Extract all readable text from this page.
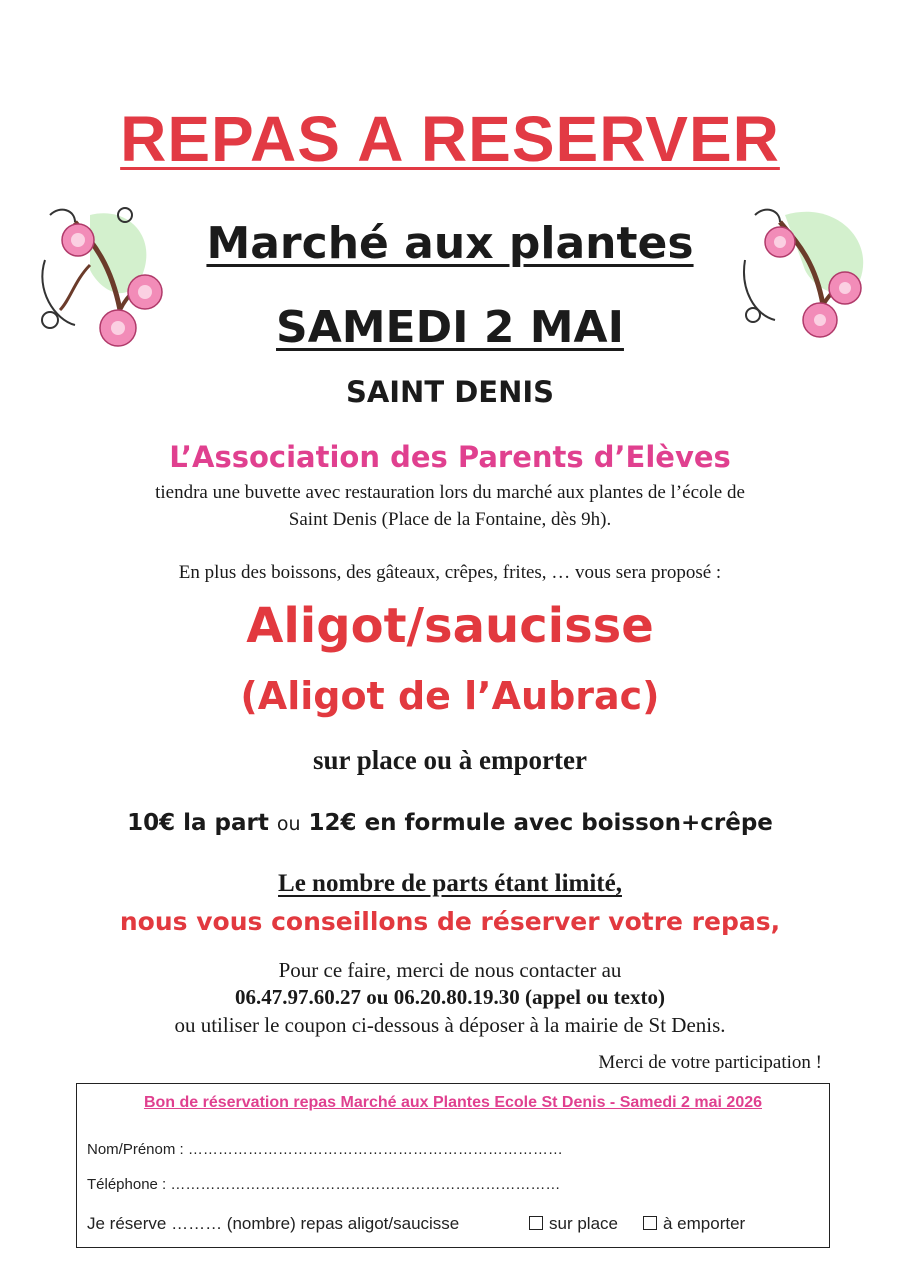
REPAS A RESERVER
Marché aux plantes
SAMEDI 2 MAI
SAINT DENIS
L’Association des Parents d’Elèves
tiendra une buvette avec restauration lors du marché aux plantes de l’école de
Saint Denis (Place de la Fontaine, dès 9h).
En plus des boissons, des gâteaux, crêpes, frites, … vous sera proposé :
Aligot/saucisse
(Aligot de l’Aubrac)
sur place ou à emporter
10€ la part ou 12€ en formule avec boisson+crêpe
Le nombre de parts étant limité,
nous vous conseillons de réserver votre repas,
Pour ce faire, merci de nous contacter au
06.47.97.60.27 ou 06.20.80.19.30 (appel ou texto)
ou utiliser le coupon ci-dessous à déposer à la mairie de St Denis.
Merci de votre participation !
Bon de réservation repas Marché aux Plantes Ecole St Denis - Samedi 2 mai 2026
Nom/Prénom : …………………………………………………………………
Téléphone : ……………………………………………………………………
Je réserve ……… (nombre) repas aligot/saucisse	sur place	à emporter
